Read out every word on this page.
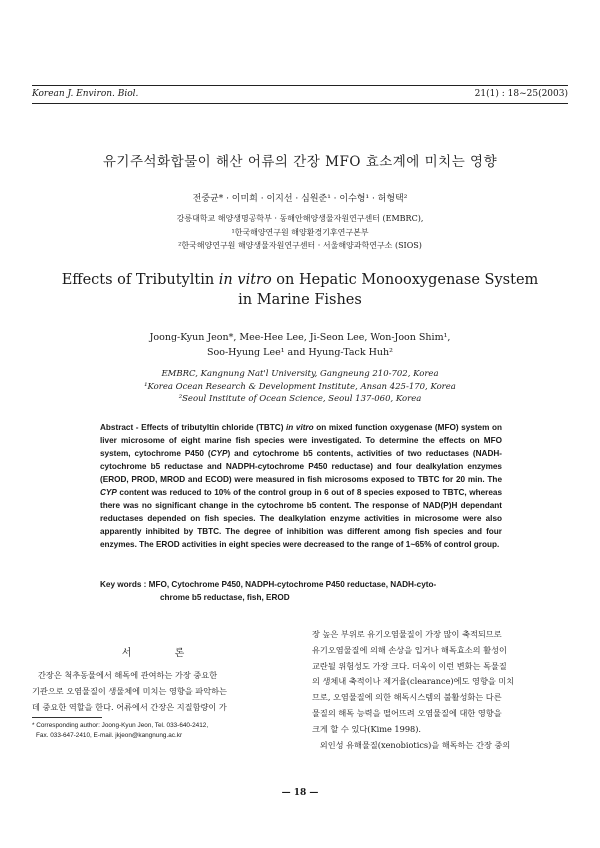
Korean J. Environ. Biol.	21(1) : 18~25(2003)
유기주석화합물이 해산 어류의 간장 MFO 효소계에 미치는 영향
전중균* · 이미희 · 이지선 · 심원준¹ · 이수형¹ · 허형택²
강릉대학교 해양생명공학부 · 동해안해양생물자원연구센터 (EMBRC),
¹한국해양연구원 해양환경기후연구본부
²한국해양연구원 해양생물자원연구센터 · 서울해양과학연구소 (SIOS)
Effects of Tributyltin in vitro on Hepatic Monooxygenase System
in Marine Fishes
Joong-Kyun Jeon*, Mee-Hee Lee, Ji-Seon Lee, Won-Joon Shim¹,
Soo-Hyung Lee¹ and Hyung-Tack Huh²
EMBRC, Kangnung Nat'l University, Gangneung 210-702, Korea
¹Korea Ocean Research & Development Institute, Ansan 425-170, Korea
²Seoul Institute of Ocean Science, Seoul 137-060, Korea
Abstract - Effects of tributyltin chloride (TBTC) in vitro on mixed function oxygenase (MFO) system on liver microsome of eight marine fish species were investigated. To determine the effects on MFO system, cytochrome P450 (CYP) and cytochrome b5 contents, activities of two reductases (NADH-cytochrome b5 reductase and NADPH-cytochrome P450 reductase) and four dealkylation enzymes (EROD, PROD, MROD and ECOD) were measured in fish microsoms exposed to TBTC for 20 min. The CYP content was reduced to 10% of the control group in 6 out of 8 species exposed to TBTC, whereas there was no significant change in the cytochrome b5 content. The response of NAD(P)H dependant reductases depended on fish species. The dealkylation enzyme activities in microsome were also apparently inhibited by TBTC. The degree of inhibition was different among fish species and four enzymes. The EROD activities in eight species were decreased to the range of 1~65% of control group.
Key words : MFO, Cytochrome P450, NADPH-cytochrome P450 reductase, NADH-cyto-
chrome b5 reductase, fish, EROD
서 론
간장은 척추동물에서 해독에 관여하는 가장 중요한
기관으로 오염물질이 생물체에 미치는 영향을 파악하는
데 중요한 역할을 한다. 어류에서 간장은 지질함량이 가
* Corresponding author: Joong-Kyun Jeon, Tel. 033-640-2412,
Fax. 033-647-2410, E-mail. jkjeon@kangnung.ac.kr
장 높은 부위로 유기오염물질이 가장 많이 축적되므로
유기오염물질에 의해 손상을 입거나 해독효소의 활성이
교란될 위험성도 가장 크다. 더욱이 이런 변화는 독물질
의 생체내 축적이나 제거율(clearance)에도 영향을 미치
므로, 오염물질에 의한 해독시스템의 불활성화는 다른
물질의 해독 능력을 떨어뜨려 오염물질에 대한 영향을
크게 할 수 있다(Kime 1998).
외인성 유해물질(xenobiotics)을 해독하는 간장 중의
— 18 —
